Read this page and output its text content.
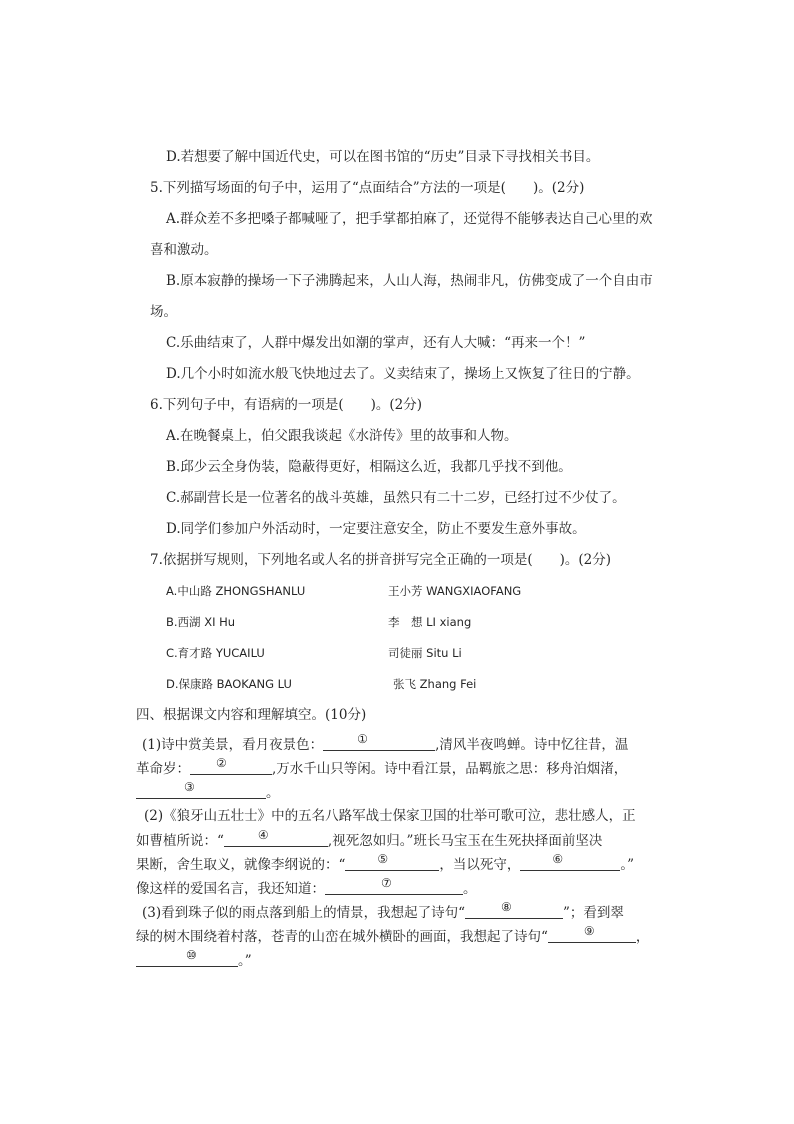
D.若想要了解中国近代史，可以在图书馆的“历史”目录下寻找相关书目。
5.下列描写场面的句子中，运用了“点面结合”方法的一项是(　　)。(2分)
A.群众差不多把嗓子都喊哑了，把手掌都拍麻了，还觉得不能够表达自己心里的欢
喜和激动。
B.原本寂静的操场一下子沸腾起来，人山人海，热闹非凡，仿佛变成了一个自由市
场。
C.乐曲结束了，人群中爆发出如潮的掌声，还有人大喊：“再来一个！”
D.几个小时如流水般飞快地过去了。义卖结束了，操场上又恢复了往日的宁静。
6.下列句子中，有语病的一项是(　　)。(2分)
A.在晚餐桌上，伯父跟我谈起《水浒传》里的故事和人物。
B.邱少云全身伪装，隐蔽得更好，相隔这么近，我都几乎找不到他。
C.郝副营长是一位著名的战斗英雄，虽然只有二十二岁，已经打过不少仗了。
D.同学们参加户外活动时，一定要注意安全，防止不要发生意外事故。
7.依据拼写规则，下列地名或人名的拼音拼写完全正确的一项是(　　)。(2分)
A.中山路 ZHONGSHANLU	王小芳 WANGXIAOFANG
B.西湖 XI Hu	李　想 LI xiang
C.育才路 YUCAILU	司徒丽 Situ Li
D.保康路 BAOKANG LU	张飞 Zhang Fei
四、根据课文内容和理解填空。(10分)
(1)诗中赏美景，看月夜景色：	①	,清风半夜鸣蝉。诗中忆往昔，温
革命岁： ②	,万水千山只等闲。诗中看江景，品羁旅之思：移舟泊烟渚，
③	。
(2)《狼牙山五壮士》中的五名八路军战士保家卫国的壮举可歌可泣，悲壮感人，正
如曹植所说：“	④	,视死忽如归。”班长马宝玉在生死抉择面前坚决
果断，舍生取义，就像李纲说的：“	⑤	，当以死守，	⑥	。”
像这样的爱国名言，我还知道：	⑦	。
(3)看到珠子似的雨点落到船上的情景，我想起了诗句“	⑧	”；看到翠
绿的树木围绕着村落，苍青的山峦在城外横卧的画面，我想起了诗句“	⑨	，
⑩	。”
